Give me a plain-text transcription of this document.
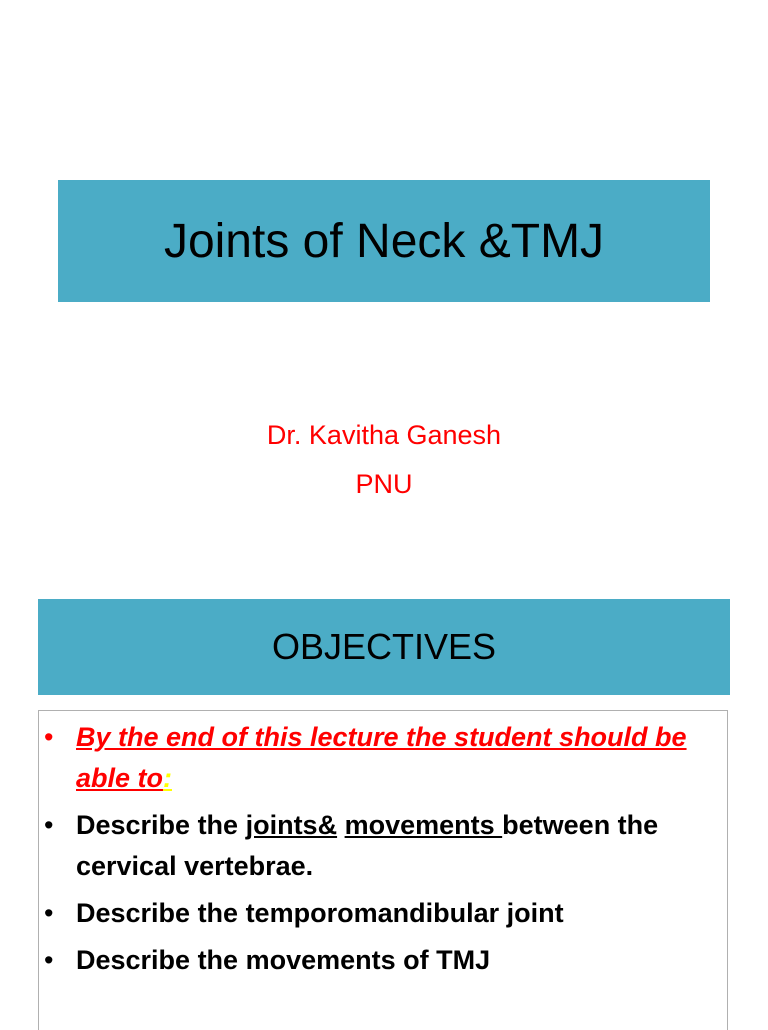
Joints of Neck &TMJ
Dr. Kavitha Ganesh
PNU
OBJECTIVES
• By the end of this lecture the student should be able to:
• Describe the joints& movements between the cervical vertebrae.
• Describe the temporomandibular joint
• Describe the movements of TMJ
